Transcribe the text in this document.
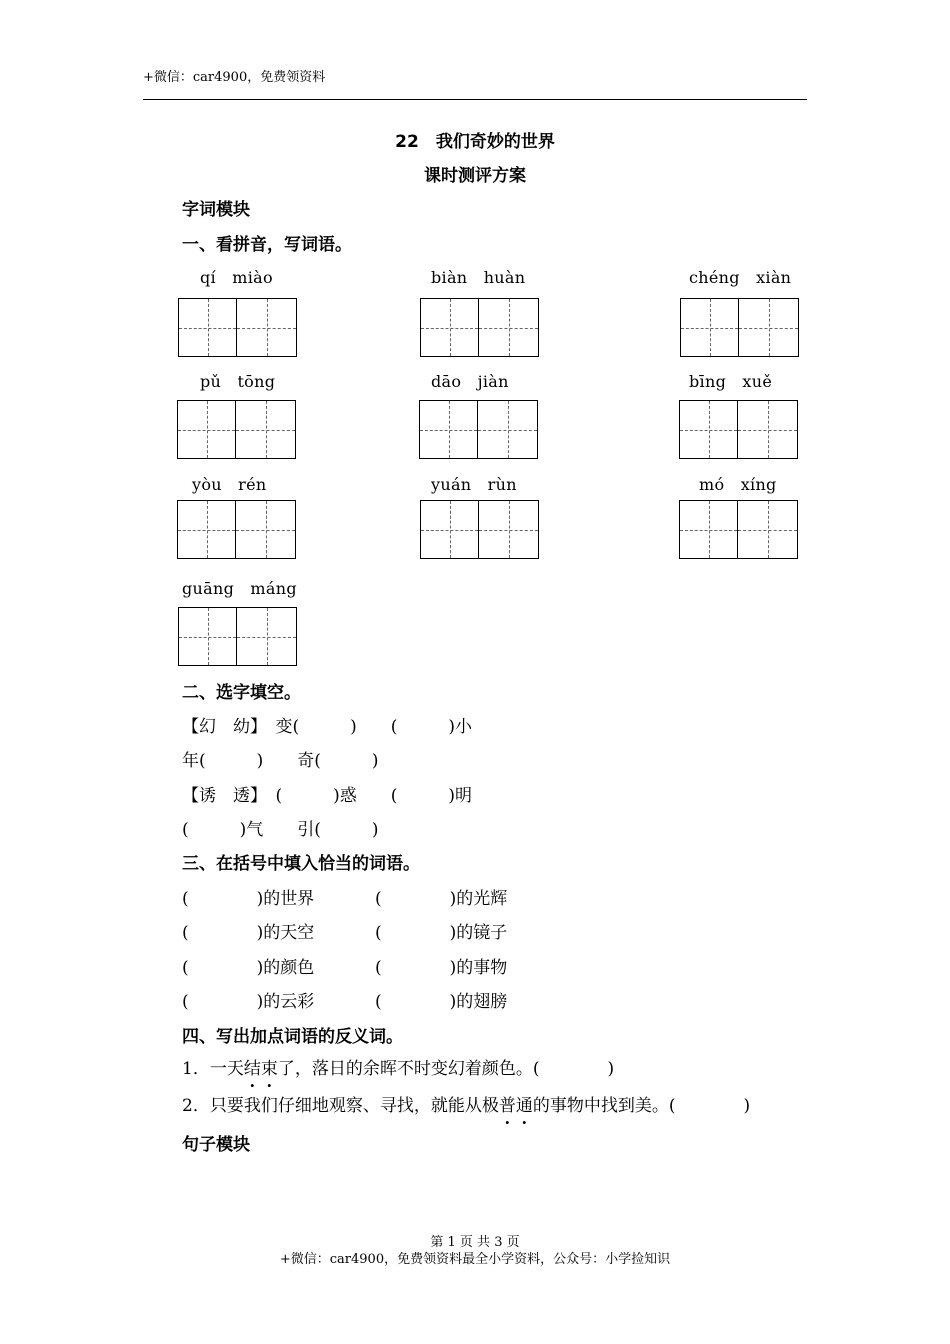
+微信：car4900，免费领资料
22　我们奇妙的世界
课时测评方案
字词模块
一、看拼音，写词语。
qí　miào	biàn　huàn	chéng　xiàn
pǔ　tōng	dāo　jiàn	bīng　xuě
yòu　rén	yuán　rùn	mó　xíng
guāng　máng
二、选字填空。
【幻　幼】　变(　　　)　　(　　　)小
年(　　　)　　奇(　　　)
【诱　透】　(　　　)惑　　(　　　)明
(　　　)气　　引(　　　)
三、在括号中填入恰当的词语。
(　　　　)的世界	(　　　　)的光辉
(　　　　)的天空	(　　　　)的镜子
(　　　　)的颜色	(　　　　)的事物
(　　　　)的云彩	(　　　　)的翅膀
四、写出加点词语的反义词。
1．一天结束了，落日的余晖不时变幻着颜色。(　　　　)
2．只要我们仔细地观察、寻找，就能从极普通的事物中找到美。(　　　　)
句子模块
第 1 页 共 3 页
+微信：car4900，免费领资料最全小学资料，公众号：小学捡知识
